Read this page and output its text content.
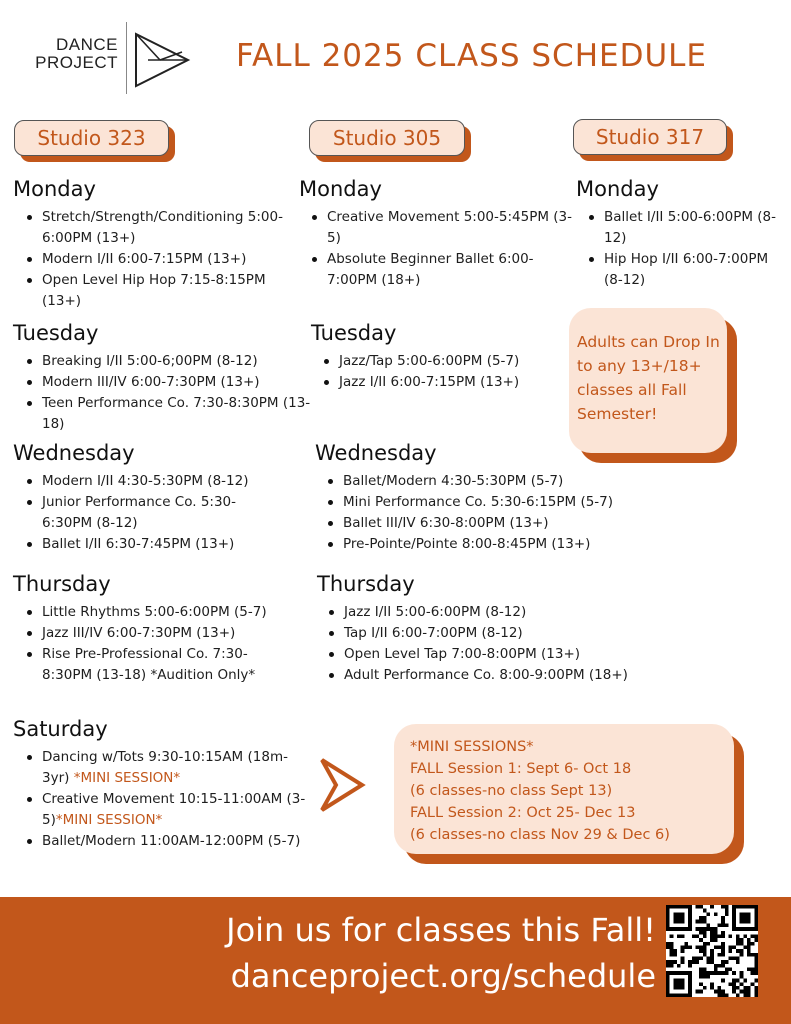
DANCE
PROJECT	FALL 2025 CLASS SCHEDULE
Studio 323	Studio 305	Studio 317
Monday
Stretch/Strength/Conditioning 5:00-6:00PM (13+)
Modern I/II 6:00-7:15PM (13+)
Open Level Hip Hop 7:15-8:15PM (13+)
Tuesday
Breaking I/II 5:00-6;00PM (8-12)
Modern III/IV 6:00-7:30PM (13+)
Teen Performance Co. 7:30-8:30PM (13-18)
Wednesday
Modern I/II 4:30-5:30PM (8-12)
Junior Performance Co. 5:30-6:30PM (8-12)
Ballet I/II 6:30-7:45PM (13+)
Thursday
Little Rhythms 5:00-6:00PM (5-7)
Jazz III/IV 6:00-7:30PM (13+)
Rise Pre-Professional Co. 7:30-8:30PM (13-18) *Audition Only*
Saturday
Dancing w/Tots 9:30-10:15AM (18m-3yr) *MINI SESSION*
Creative Movement 10:15-11:00AM (3-5)*MINI SESSION*
Ballet/Modern 11:00AM-12:00PM (5-7)
Monday
Creative Movement 5:00-5:45PM (3-5)
Absolute Beginner Ballet 6:00-7:00PM (18+)
Tuesday
Jazz/Tap 5:00-6:00PM (5-7)
Jazz I/II 6:00-7:15PM (13+)
Wednesday
Ballet/Modern 4:30-5:30PM (5-7)
Mini Performance Co. 5:30-6:15PM (5-7)
Ballet III/IV 6:30-8:00PM (13+)
Pre-Pointe/Pointe 8:00-8:45PM (13+)
Thursday
Jazz I/II 5:00-6:00PM (8-12)
Tap I/II 6:00-7:00PM (8-12)
Open Level Tap 7:00-8:00PM (13+)
Adult Performance Co. 8:00-9:00PM (18+)
Monday
Ballet I/II 5:00-6:00PM (8-12)
Hip Hop I/II 6:00-7:00PM (8-12)
Adults can Drop In to any 13+/18+ classes all Fall Semester!
*MINI SESSIONS*
FALL Session 1: Sept 6- Oct 18
(6 classes-no class Sept 13)
FALL Session 2: Oct 25- Dec 13
(6 classes-no class Nov 29 & Dec 6)
Join us for classes this Fall!
danceproject.org/schedule
